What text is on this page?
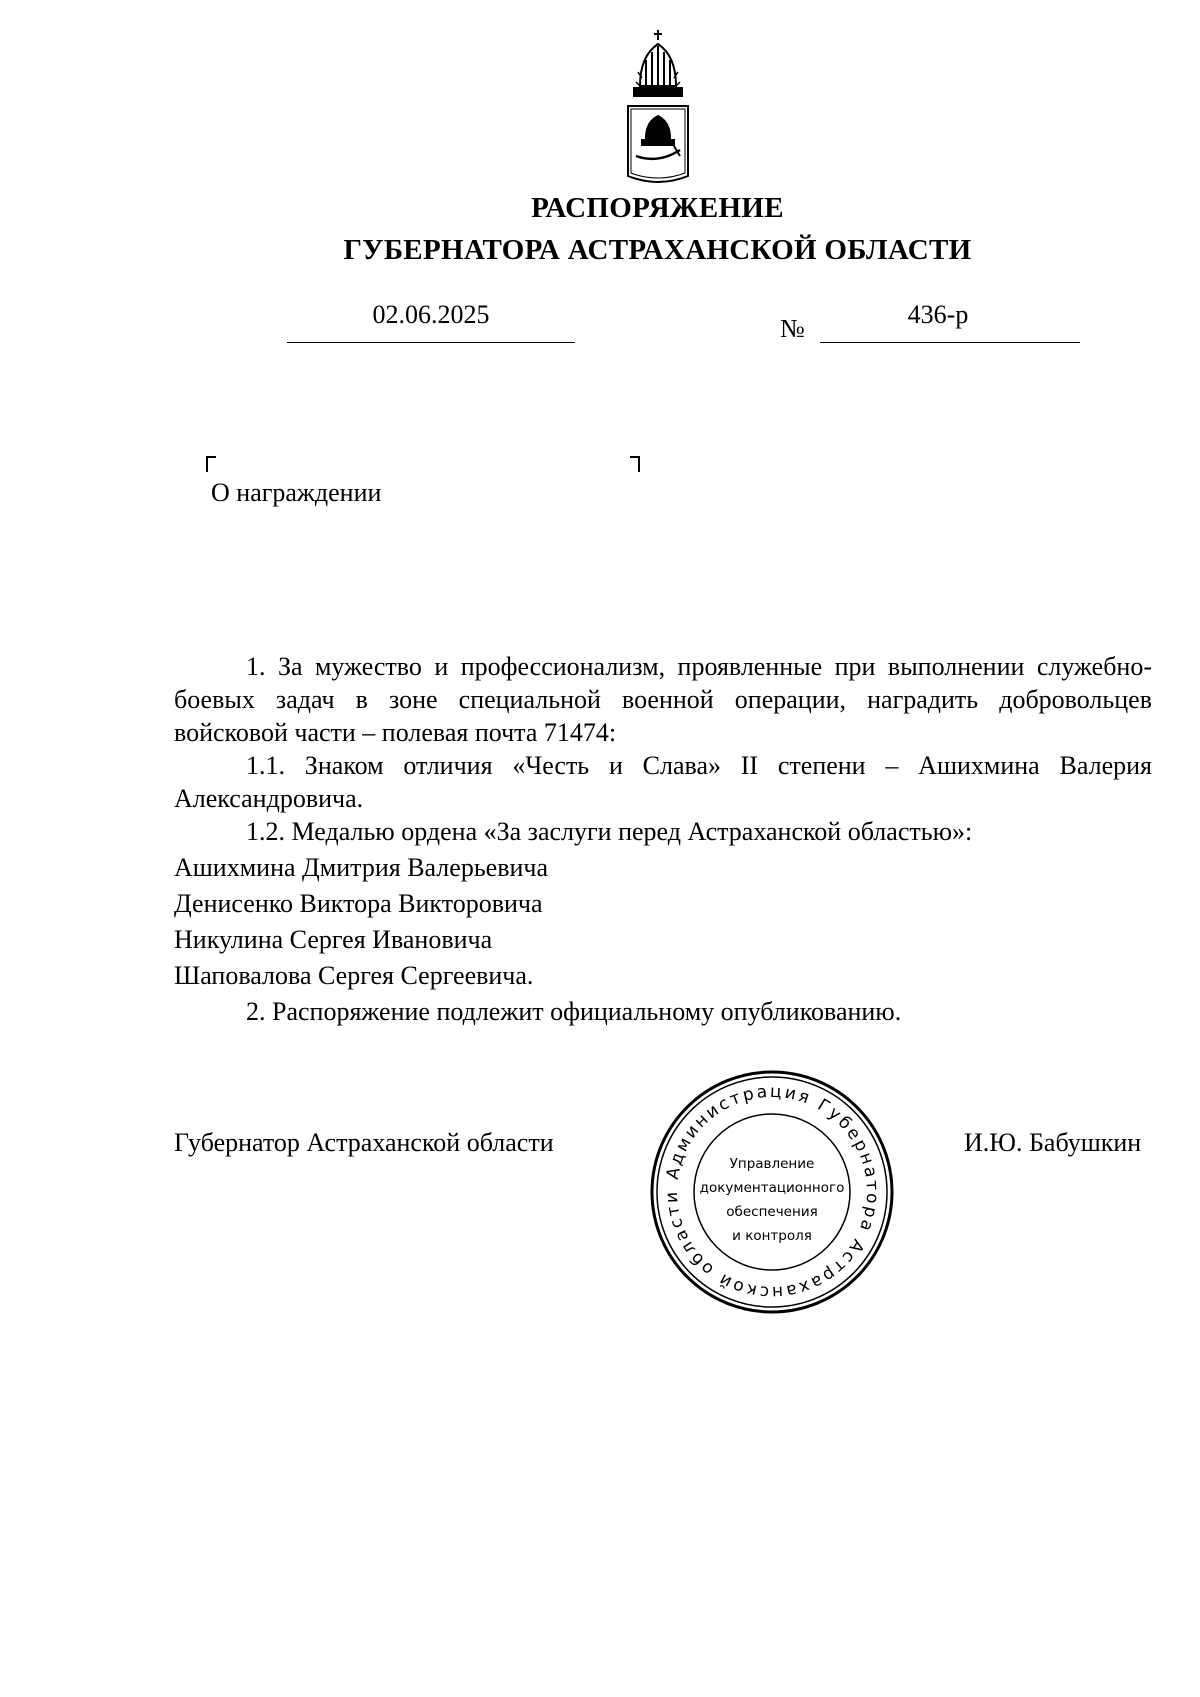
РАСПОРЯЖЕНИЕ
ГУБЕРНАТОРА АСТРАХАНСКОЙ ОБЛАСТИ
02.06.2025	№	436-р
О награждении

1. За мужество и профессионализм, проявленные при выполнении служебно-боевых задач в зоне специальной военной операции, наградить добровольцев войсковой части – полевая почта 71474:

1.1. Знаком отличия «Честь и Слава» II степени – Ашихмина Валерия Александровича.

1.2. Медалью ордена «За заслуги перед Астраханской областью»:

Ашихмина Дмитрия Валерьевича

Денисенко Виктора Викторовича

Никулина Сергея Ивановича

Шаповалова Сергея Сергеевича.

2. Распоряжение подлежит официальному опубликованию.

Губернатор Астраханской области	И.Ю. Бабушкин
Администрация Губернатора Астраханской области
Управление
документационного
обеспечения
и контроля
